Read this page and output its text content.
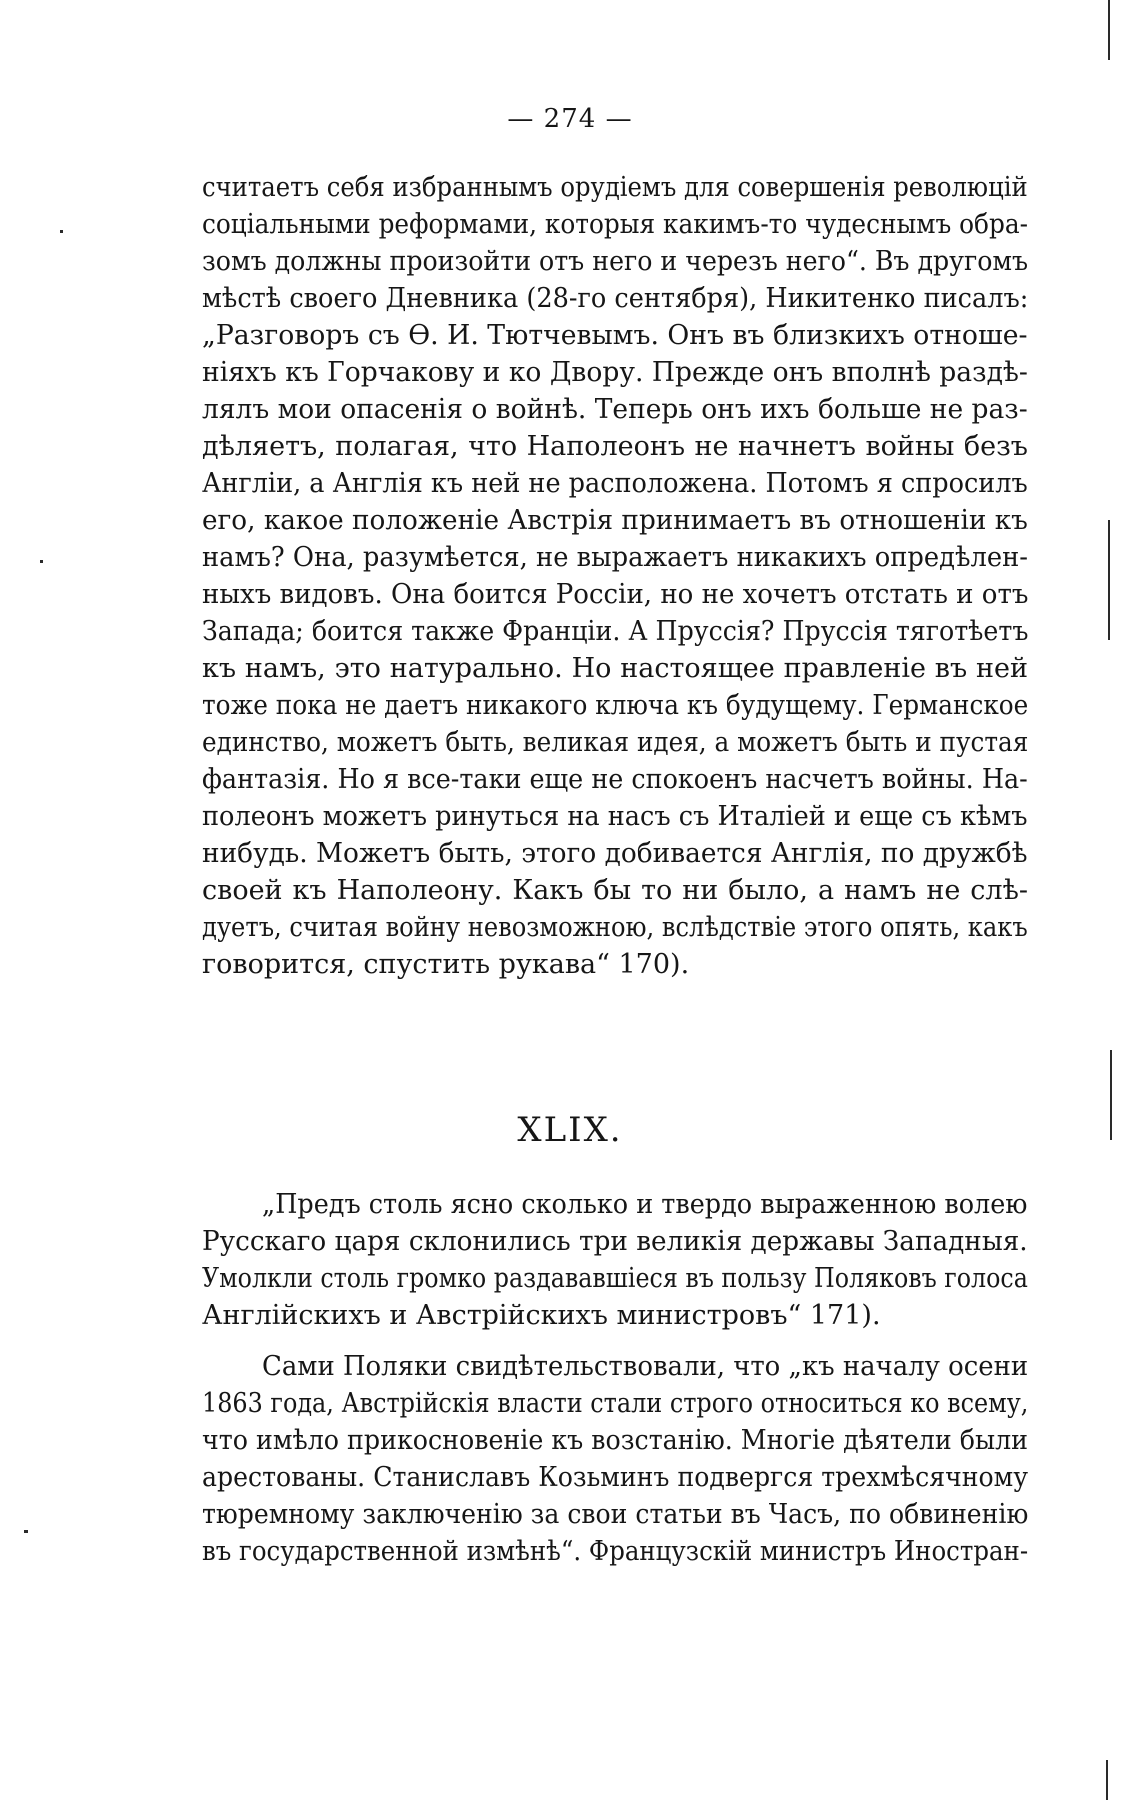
— 274 —
считаетъ себя избраннымъ орудіемъ для совершенія революцій
соціальными реформами, которыя какимъ-то чудеснымъ обра-
зомъ должны произойти отъ него и черезъ него“. Въ другомъ
мѣстѣ своего Дневника (28-го сентября), Никитенко писалъ:
„Разговоръ съ Ѳ. И. Тютчевымъ. Онъ въ близкихъ отноше-
ніяхъ къ Горчакову и ко Двору. Прежде онъ вполнѣ раздѣ-
лялъ мои опасенія о войнѣ. Теперь онъ ихъ больше не раз-
дѣляетъ, полагая, что Наполеонъ не начнетъ войны безъ
Англіи, а Англія къ ней не расположена. Потомъ я спросилъ
его, какое положеніе Австрія принимаетъ въ отношеніи къ
намъ? Она, разумѣется, не выражаетъ никакихъ опредѣлен-
ныхъ видовъ. Она боится Россіи, но не хочетъ отстать и отъ
Запада; боится также Франціи. А Пруссія? Пруссія тяготѣетъ
къ намъ, это натурально. Но настоящее правленіе въ ней
тоже пока не даетъ никакого ключа къ будущему. Германское
единство, можетъ быть, великая идея, а можетъ быть и пустая
фантазія. Но я все-таки еще не спокоенъ насчетъ войны. На-
полеонъ можетъ ринуться на насъ съ Италіей и еще съ кѣмъ
нибудь. Можетъ быть, этого добивается Англія, по дружбѣ
своей къ Наполеону. Какъ бы то ни было, а намъ не слѣ-
дуетъ, считая войну невозможною, вслѣдствіе этого опять, какъ
говорится, спустить рукава“ 170).
XLIX.
„Предъ столь ясно сколько и твердо выраженною волею
Русскаго царя склонились три великія державы Западныя.
Умолкли столь громко раздававшіеся въ пользу Поляковъ голоса
Англійскихъ и Австрійскихъ министровъ“ 171).
Сами Поляки свидѣтельствовали, что „къ началу осени
1863 года, Австрійскія власти стали строго относиться ко всему,
что имѣло прикосновеніе къ возстанію. Многіе дѣятели были
арестованы. Станиславъ Козьминъ подвергся трехмѣсячному
тюремному заключенію за свои статьи въ Часъ, по обвиненію
въ государственной измѣнѣ“. Французскій министръ Иностран-
